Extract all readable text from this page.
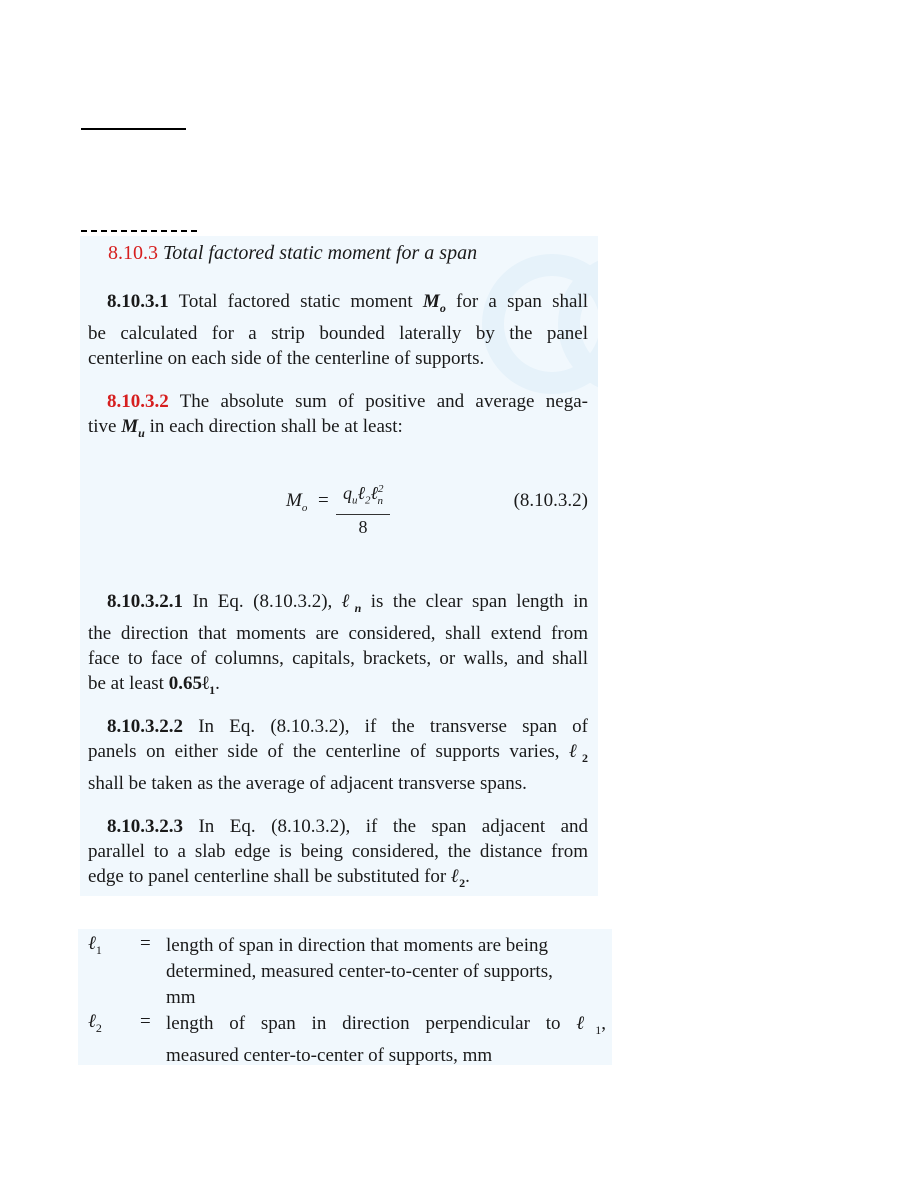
8.10.3 Total factored static moment for a span
8.10.3.1 Total factored static moment $M_o$ for a span shall
be calculated for a strip bounded laterally by the panel
centerline on each side of the centerline of supports.
8.10.3.2 The absolute sum of positive and average nega-
tive $M_u$ in each direction shall be at least:
$M_o$ = $q_u\ell_2\ell^2_n$
8
(8.10.3.2)
8.10.3.2.1 In Eq. (8.10.3.2), ℓ$_n$ is the clear span length in
the direction that moments are considered, shall extend from
face to face of columns, capitals, brackets, or walls, and shall
be at least 0.65ℓ$_1$.
8.10.3.2.2 In Eq. (8.10.3.2), if the transverse span of
panels on either side of the centerline of supports varies, ℓ$_2$
shall be taken as the average of adjacent transverse spans.
8.10.3.2.3 In Eq. (8.10.3.2), if the span adjacent and
parallel to a slab edge is being considered, the distance from
edge to panel centerline shall be substituted for ℓ$_2$.
ℓ$_1$ = length of span in direction that moments are being
determined, measured center-to-center of supports,
mm
ℓ$_2$ = length of span in direction perpendicular to ℓ$_1$,
measured center-to-center of supports, mm
